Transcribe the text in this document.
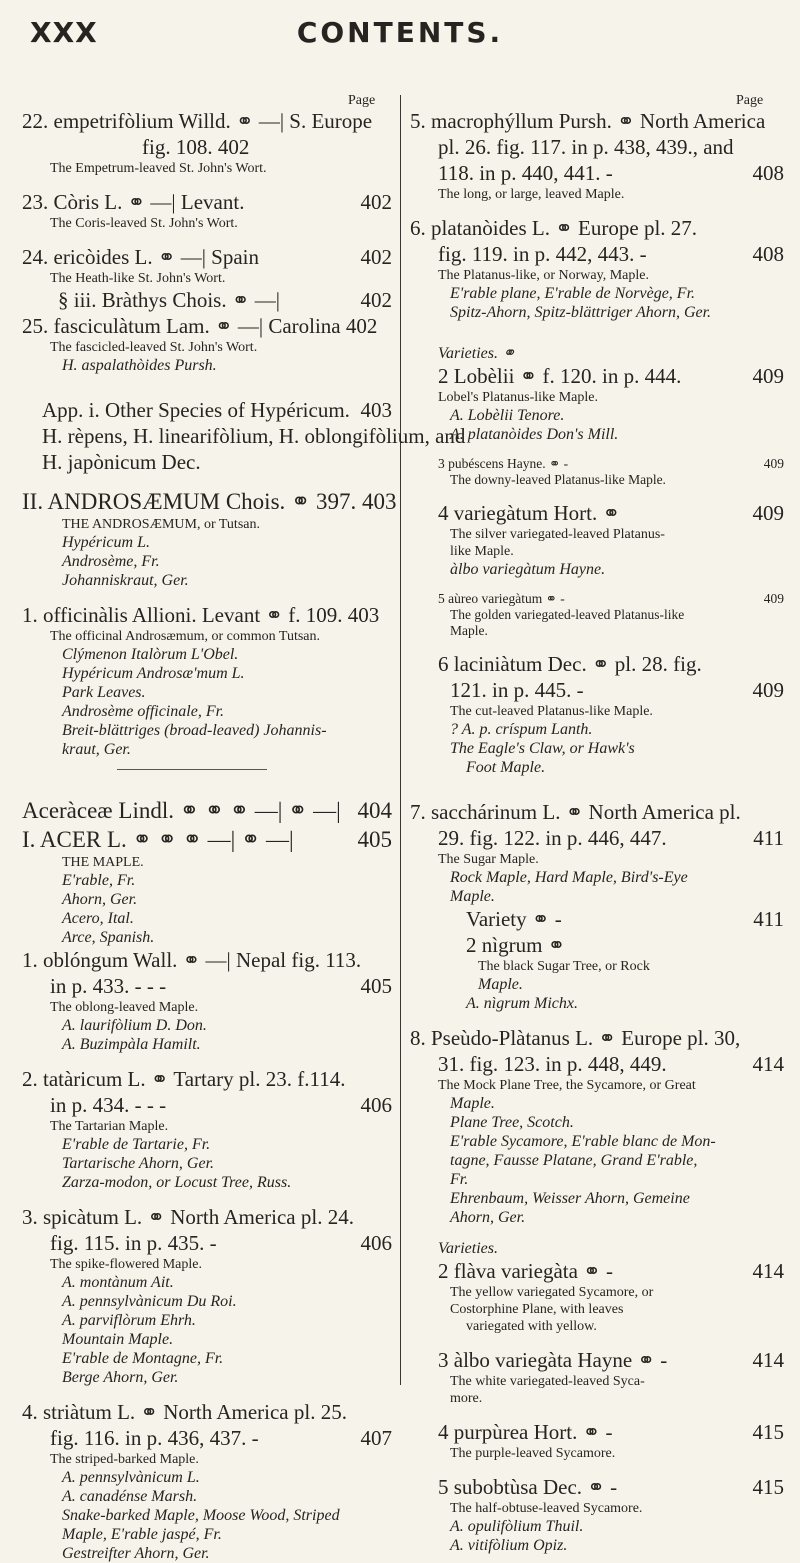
XXX	CONTENTS.
Page	Page
22. empetrifòlium Willd. ⚭ —| S. Europe
fig. 108. 402
The Empetrum-leaved St. John's Wort.
23. Còris L. ⚭ —| Levant.	402
The Coris-leaved St. John's Wort.
24. ericòides L. ⚭ —| Spain	402
The Heath-like St. John's Wort.
§ iii. Bràthys Chois. ⚭ —|	402
25. fasciculàtum Lam. ⚭ —| Carolina 402
The fascicled-leaved St. John's Wort.
H. aspalathòides Pursh.
App. i. Other Species of Hypéricum. 403
H. rèpens, H. linearifòlium, H. oblongifòlium, and
H. japònicum Dec.
II. ANDROSÆMUM Chois. ⚭ 397. 403
THE ANDROSÆMUM, or Tutsan.
Hypéricum L.
Androsème, Fr.
Johanniskraut, Ger.
1. officinàlis Allioni. Levant ⚭ f. 109. 403
The officinal Androsæmum, or common Tutsan.
Clýmenon Italòrum L'Obel.
Hypéricum Androsæ'mum L.
Park Leaves.
Androsème officinale, Fr.
Breit-blättriges (broad-leaved) Johannis-
kraut, Ger.
Aceràceæ Lindl. ⚭ ⚭ ⚭ —| ⚭ —| 404
I. ACER L. ⚭ ⚭ ⚭ —| ⚭ —|	405
THE MAPLE.
E'rable, Fr.
Ahorn, Ger.
Acero, Ital.
Arce, Spanish.
1. oblóngum Wall. ⚭ —| Nepal fig. 113.
in p. 433. - - -	405
The oblong-leaved Maple.
A. laurifòlium D. Don.
A. Buzimpàla Hamilt.
2. tatàricum L. ⚭ Tartary pl. 23. f.114.
in p. 434. - - -	406
The Tartarian Maple.
E'rable de Tartarie, Fr.
Tartarische Ahorn, Ger.
Zarza-modon, or Locust Tree, Russ.
3. spicàtum L. ⚭ North America pl. 24.
fig. 115. in p. 435. -	406
The spike-flowered Maple.
A. montànum Ait.
A. pennsylvànicum Du Roi.
A. parviflòrum Ehrh.
Mountain Maple.
E'rable de Montagne, Fr.
Berge Ahorn, Ger.
4. striàtum L. ⚭ North America pl. 25.
fig. 116. in p. 436, 437. -	407
The striped-barked Maple.
A. pennsylvànicum L.
A. canadénse Marsh.
Snake-barked Maple, Moose Wood, Striped
Maple, E'rable jaspé, Fr.
Gestreifter Ahorn, Ger.
5. macrophýllum Pursh. ⚭ North America
pl. 26. fig. 117. in p. 438, 439., and
118. in p. 440, 441. -	408
The long, or large, leaved Maple.
6. platanòides L. ⚭ Europe pl. 27.
fig. 119. in p. 442, 443. -	408
The Platanus-like, or Norway, Maple.
E'rable plane, E'rable de Norvège, Fr.
Spitz-Ahorn, Spitz-blättriger Ahorn, Ger.
Varieties. ⚭
2 Lobèlii ⚭ f. 120. in p. 444.	409
Lobel's Platanus-like Maple.
A. Lobèlii Tenore.
A. platanòides Don's Mill.
3 pubéscens Hayne. ⚭ -	409
The downy-leaved Platanus-like Maple.
4 variegàtum Hort. ⚭	409
The silver variegated-leaved Platanus-
like Maple.
àlbo variegàtum Hayne.
5 aùreo variegàtum ⚭ -	409
The golden variegated-leaved Platanus-like
Maple.
6 laciniàtum Dec. ⚭ pl. 28. fig.
121. in p. 445. -	409
The cut-leaved Platanus-like Maple.
? A. p. críspum Lanth.
The Eagle's Claw, or Hawk's
Foot Maple.
7. sacchárinum L. ⚭ North America pl.
29. fig. 122. in p. 446, 447.	411
The Sugar Maple.
Rock Maple, Hard Maple, Bird's-Eye
Maple.
Variety ⚭ -	411
2 nìgrum ⚭
The black Sugar Tree, or Rock
Maple.
A. nìgrum Michx.
8. Pseùdo-Plàtanus L. ⚭ Europe pl. 30,
31. fig. 123. in p. 448, 449.	414
The Mock Plane Tree, the Sycamore, or Great
Maple.
Plane Tree, Scotch.
E'rable Sycamore, E'rable blanc de Mon-
tagne, Fausse Platane, Grand E'rable,
Fr.
Ehrenbaum, Weisser Ahorn, Gemeine
Ahorn, Ger.
Varieties.
2 flàva variegàta ⚭ -	414
The yellow variegated Sycamore, or
Costorphine Plane, with leaves
variegated with yellow.
3 àlbo variegàta Hayne ⚭ -	414
The white variegated-leaved Syca-
more.
4 purpùrea Hort. ⚭ -	415
The purple-leaved Sycamore.
5 subobtùsa Dec. ⚭ -	415
The half-obtuse-leaved Sycamore.
A. opulifòlium Thuil.
A. vitifòlium Opiz.
